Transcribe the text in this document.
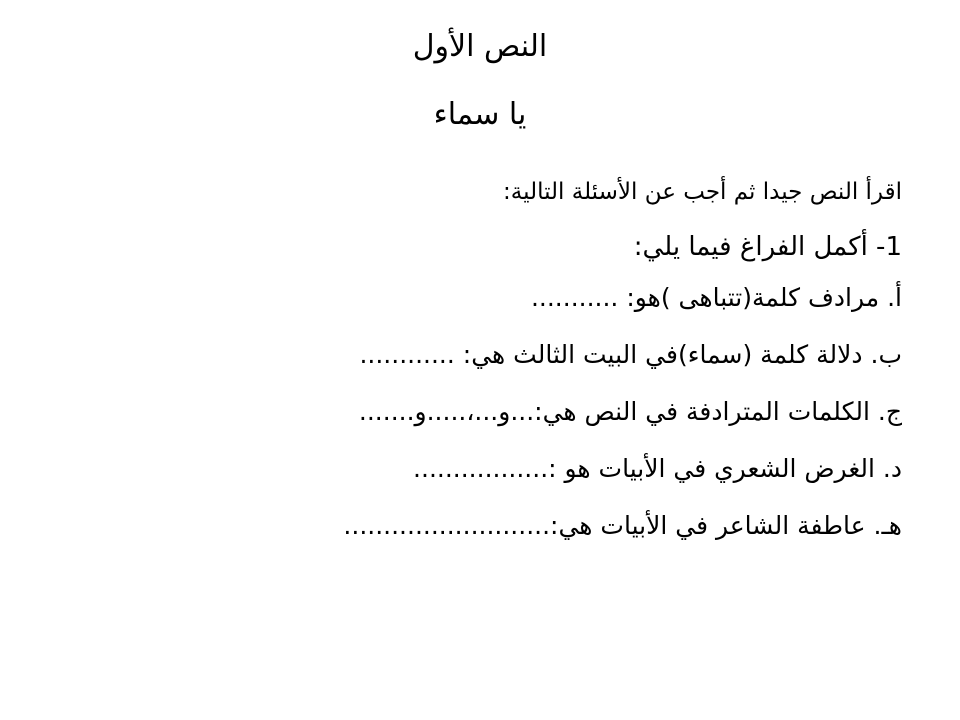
النص الأول
يا سماء
اقرأ النص جيدا ثم أجب عن الأسئلة التالية:
1- أكمل الفراغ فيما يلي:
أ. مرادف كلمة(تتباهى )هو: ...........
ب. دلالة كلمة (سماء)في البيت الثالث هي: ............
ج. الكلمات المترادفة في النص هي:...و...،.....و.......
د. الغرض الشعري في الأبيات هو :.................
هـ. عاطفة الشاعر في الأبيات هي:..........................
